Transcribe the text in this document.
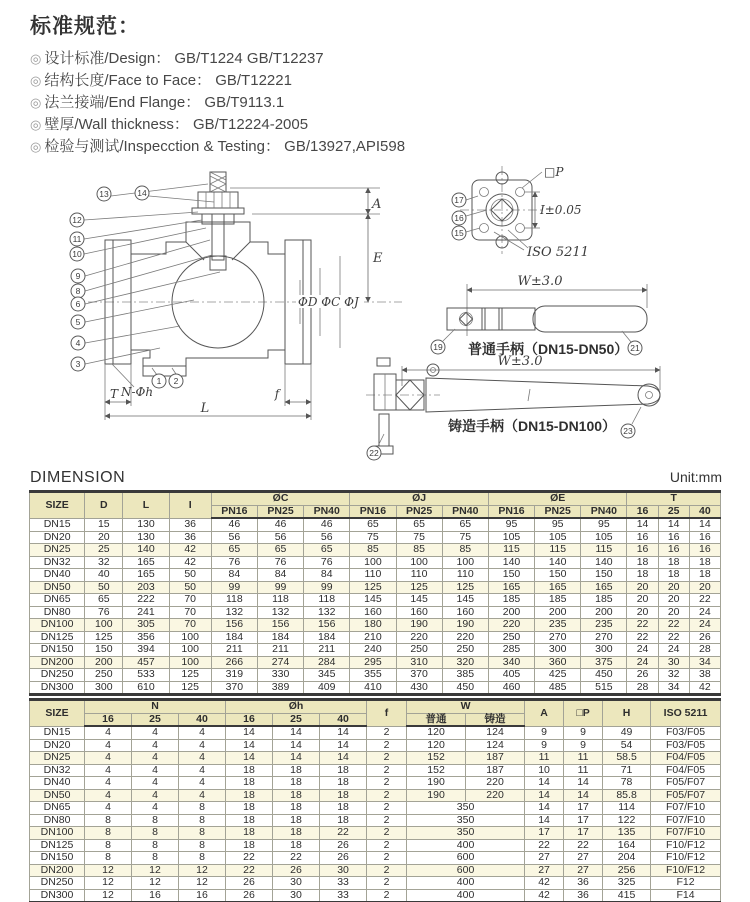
标准规范：
◎ 设计标准/Design： GB/T1224 GB/T12237
◎ 结构长度/Face to Face： GB/T12221
◎ 法兰接端/End Flange： GB/T9113.1
◎ 壁厚/Wall thickness： GB/T12224-2005
◎ 检验与测试/Inspecction & Testing： GB/13927,API598
A
E
ΦD ΦC ΦJ
T	f
L
N-Φh
13	14
12
11
10
9
8
6
5
4
3
1 2
□P
I±0.05
ISO 5211
17
16
15
W±3.0
普通手柄（DN15-DN50）
19	21
W±3.0
铸造手柄（DN15-DN100） 23
22
DIMENSION	Unit:mm
SIZE	D	L	I	ØC			ØJ			ØE			T		
				PN16	PN25	PN40	PN16	PN25	PN40	PN16	PN25	PN40	16	25	40
DN15	15	130	36	46	46	46	65	65	65	95	95	95	14	14	14
DN20	20	130	36	56	56	56	75	75	75	105	105	105	16	16	16
DN25	25	140	42	65	65	65	85	85	85	115	115	115	16	16	16
DN32	32	165	42	76	76	76	100	100	100	140	140	140	18	18	18
DN40	40	165	50	84	84	84	110	110	110	150	150	150	18	18	18
DN50	50	203	50	99	99	99	125	125	125	165	165	165	20	20	20
DN65	65	222	70	118	118	118	145	145	145	185	185	185	20	20	22
DN80	76	241	70	132	132	132	160	160	160	200	200	200	20	20	24
DN100	100	305	70	156	156	156	180	190	190	220	235	235	22	22	24
DN125	125	356	100	184	184	184	210	220	220	250	270	270	22	22	26
DN150	150	394	100	211	211	211	240	250	250	285	300	300	24	24	28
DN200	200	457	100	266	274	284	295	310	320	340	360	375	24	30	34
DN250	250	533	125	319	330	345	355	370	385	405	425	450	26	32	38
DN300	300	610	125	370	389	409	410	430	450	460	485	515	28	34	42
SIZE	N			Øh			f	W		A	□P	H	ISO 5211
	16	25	40	16	25	40		普通	铸造				
DN15	4	4	4	14	14	14	2	120	124	9	9	49	F03/F05
DN20	4	4	4	14	14	14	2	120	124	9	9	54	F03/F05
DN25	4	4	4	14	14	14	2	152	187	11	11	58.5	F04/F05
DN32	4	4	4	18	18	18	2	152	187	10	11	71	F04/F05
DN40	4	4	4	18	18	18	2	190	220	14	14	78	F05/F07
DN50	4	4	4	18	18	18	2	190	220	14	14	85.8	F05/F07
DN65	4	4	8	18	18	18	2	350		14	17	114	F07/F10
DN80	8	8	8	18	18	18	2	350		14	17	122	F07/F10
DN100	8	8	8	18	18	22	2	350		17	17	135	F07/F10
DN125	8	8	8	18	18	26	2	400		22	22	164	F10/F12
DN150	8	8	8	22	22	26	2	600		27	27	204	F10/F12
DN200	12	12	12	22	26	30	2	600		27	27	256	F10/F12
DN250	12	12	12	26	30	33	2	400		42	36	325	F12
DN300	12	16	16	26	30	33	2	400		42	36	415	F14
